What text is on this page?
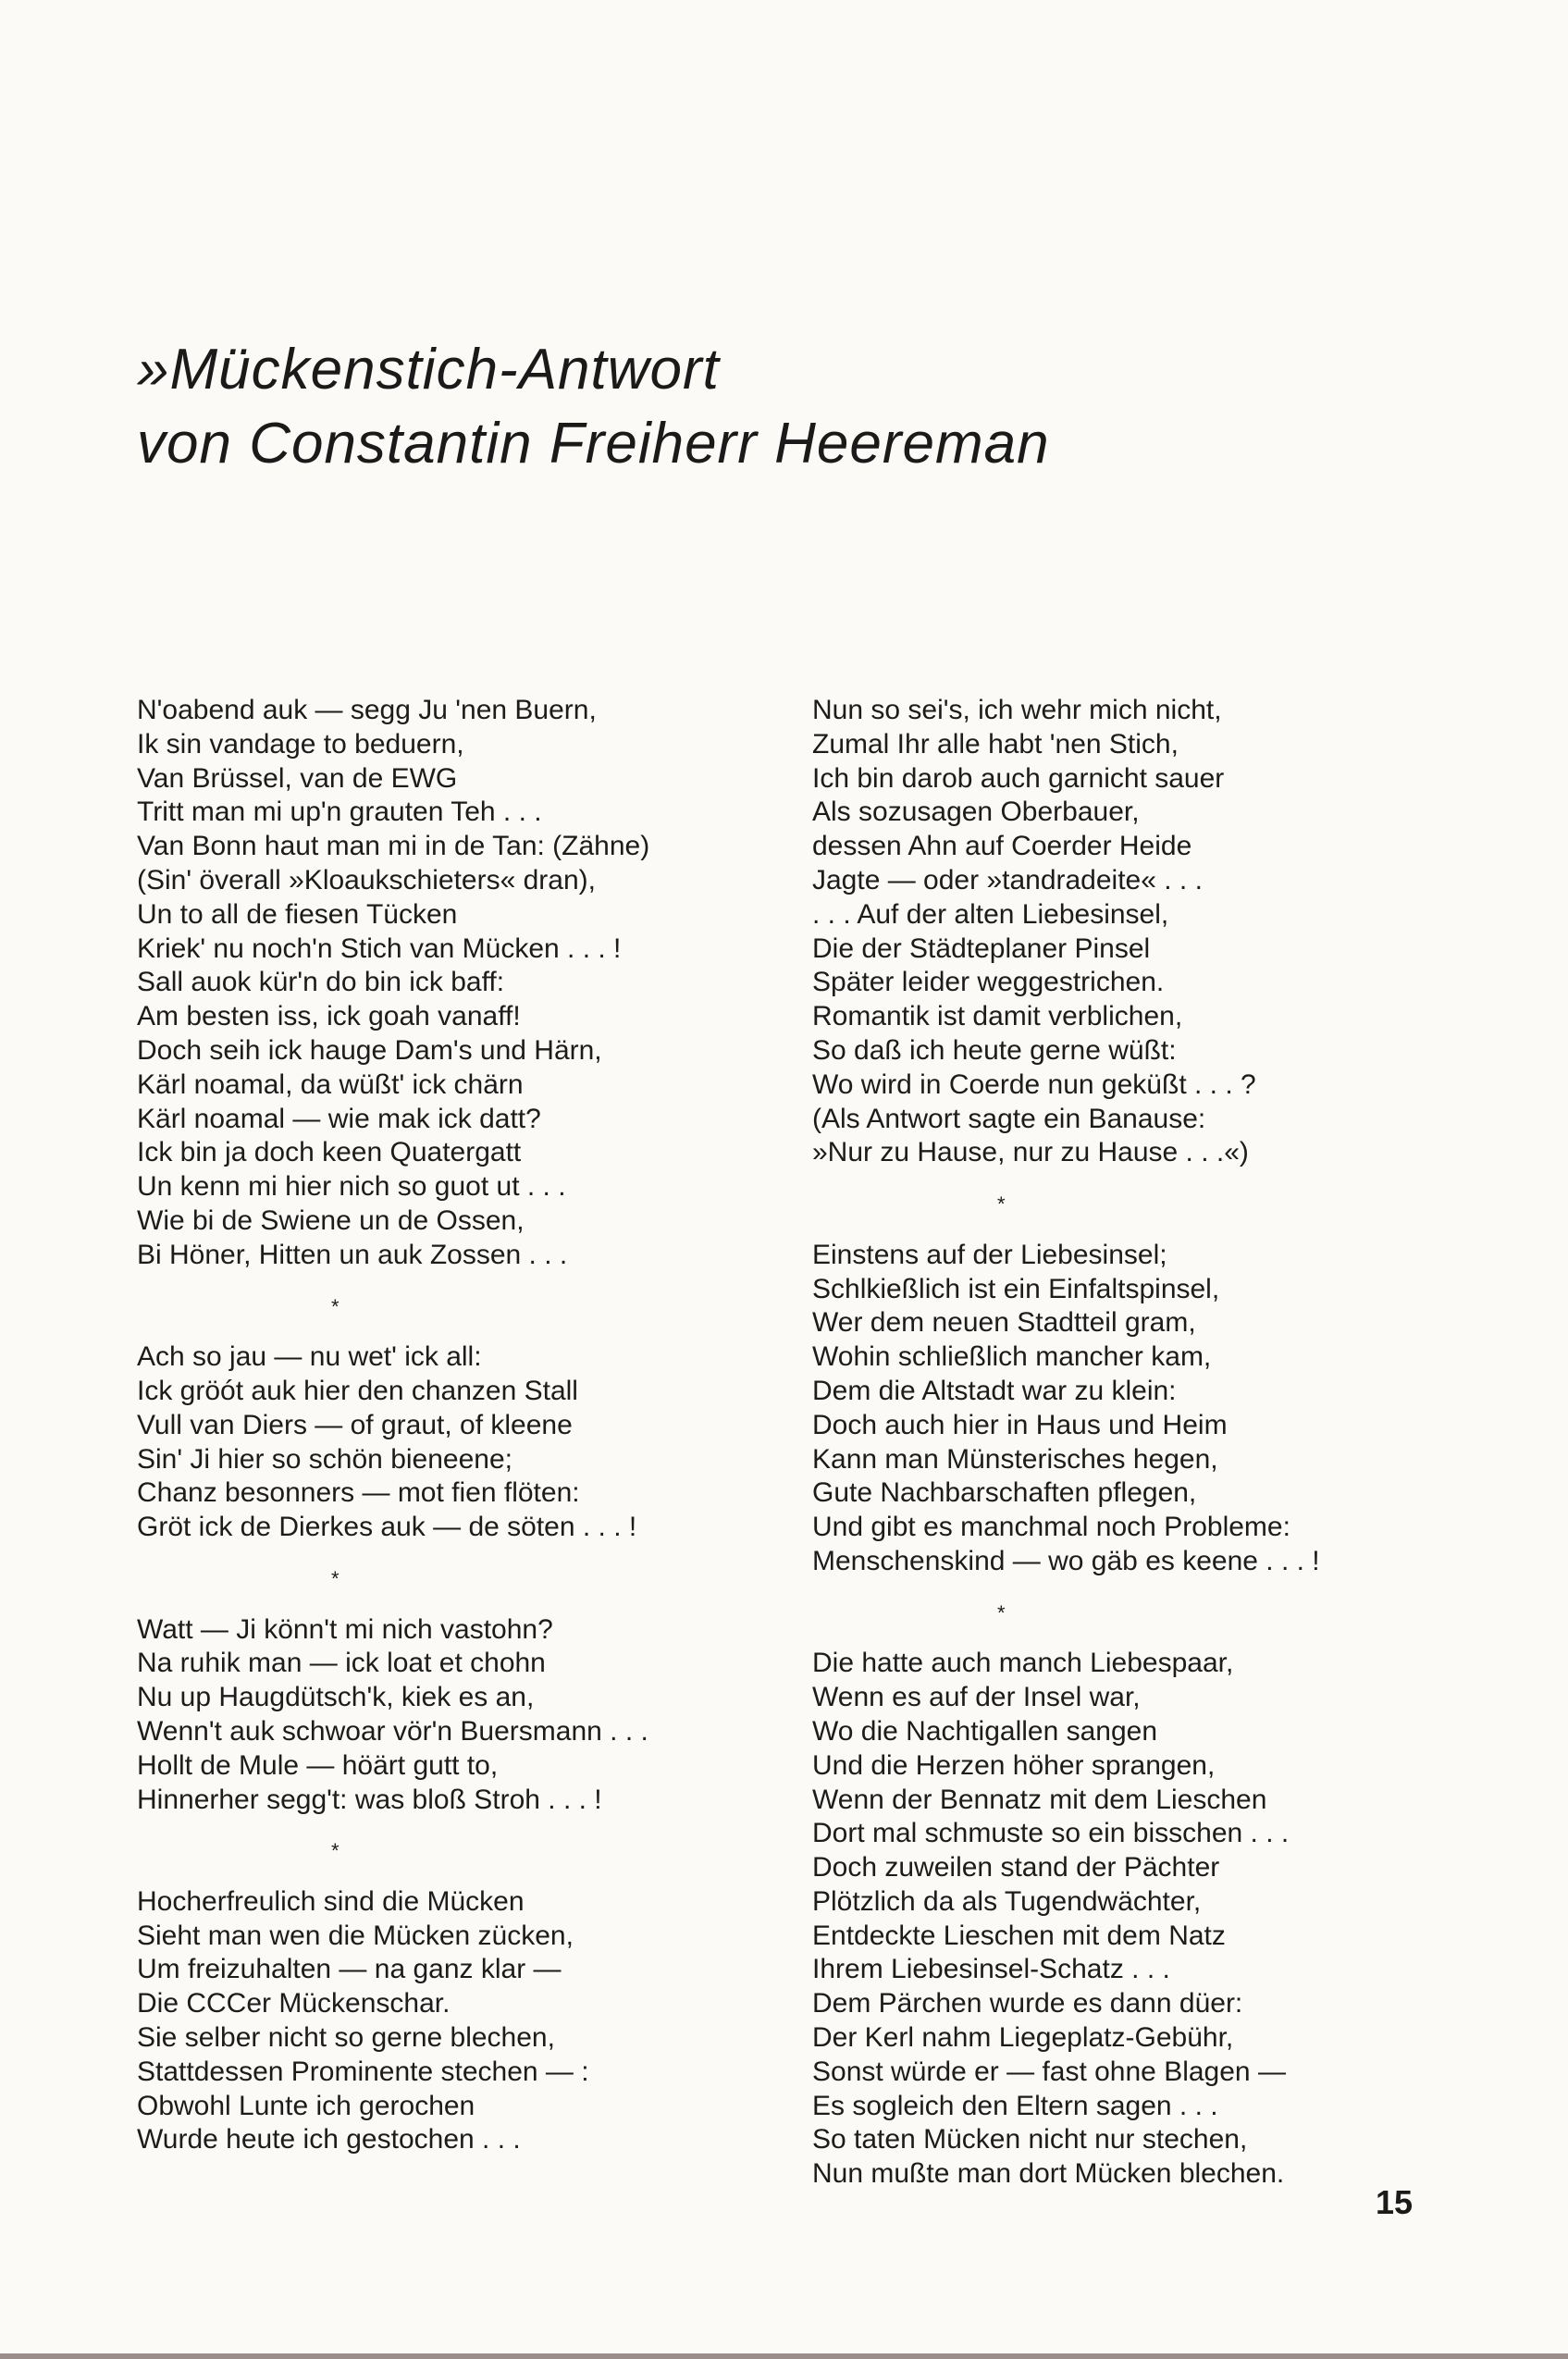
»Mückenstich-Antwort
von Constantin Freiherr Heereman
N'oabend auk — segg Ju 'nen Buern,
Ik sin vandage to beduern,
Van Brüssel, van de EWG
Tritt man mi up'n grauten Teh . . .
Van Bonn haut man mi in de Tan: (Zähne)
(Sin' överall »Kloaukschieters« dran),
Un to all de fiesen Tücken
Kriek' nu noch'n Stich van Mücken . . . !
Sall auok kür'n do bin ick baff:
Am besten iss, ick goah vanaff!
Doch seih ick hauge Dam's und Härn,
Kärl noamal, da wüßt' ick chärn
Kärl noamal — wie mak ick datt?
Ick bin ja doch keen Quatergatt
Un kenn mi hier nich so guot ut . . .
Wie bi de Swiene un de Ossen,
Bi Höner, Hitten un auk Zossen . . .
*
Ach so jau — nu wet' ick all:
Ick gröót auk hier den chanzen Stall
Vull van Diers — of graut, of kleene
Sin' Ji hier so schön bieneene;
Chanz besonners — mot fien flöten:
Gröt ick de Dierkes auk — de söten . . . !
*
Watt — Ji könn't mi nich vastohn?
Na ruhik man — ick loat et chohn
Nu up Haugdütsch'k, kiek es an,
Wenn't auk schwoar vör'n Buersmann . . .
Hollt de Mule — höärt gutt to,
Hinnerher segg't: was bloß Stroh . . . !
*
Hocherfreulich sind die Mücken
Sieht man wen die Mücken zücken,
Um freizuhalten — na ganz klar —
Die CCCer Mückenschar.
Sie selber nicht so gerne blechen,
Stattdessen Prominente stechen — :
Obwohl Lunte ich gerochen
Wurde heute ich gestochen . . .
Nun so sei's, ich wehr mich nicht,
Zumal Ihr alle habt 'nen Stich,
Ich bin darob auch garnicht sauer
Als sozusagen Oberbauer,
dessen Ahn auf Coerder Heide
Jagte — oder »tandradeite« . . .
. . . Auf der alten Liebesinsel,
Die der Städteplaner Pinsel
Später leider weggestrichen.
Romantik ist damit verblichen,
So daß ich heute gerne wüßt:
Wo wird in Coerde nun geküßt . . . ?
(Als Antwort sagte ein Banause:
»Nur zu Hause, nur zu Hause . . .«)
*
Einstens auf der Liebesinsel;
Schlkießlich ist ein Einfaltspinsel,
Wer dem neuen Stadtteil gram,
Wohin schließlich mancher kam,
Dem die Altstadt war zu klein:
Doch auch hier in Haus und Heim
Kann man Münsterisches hegen,
Gute Nachbarschaften pflegen,
Und gibt es manchmal noch Probleme:
Menschenskind — wo gäb es keene . . . !
*
Die hatte auch manch Liebespaar,
Wenn es auf der Insel war,
Wo die Nachtigallen sangen
Und die Herzen höher sprangen,
Wenn der Bennatz mit dem Lieschen
Dort mal schmuste so ein bisschen . . .
Doch zuweilen stand der Pächter
Plötzlich da als Tugendwächter,
Entdeckte Lieschen mit dem Natz
Ihrem Liebesinsel-Schatz . . .
Dem Pärchen wurde es dann düer:
Der Kerl nahm Liegeplatz-Gebühr,
Sonst würde er — fast ohne Blagen —
Es sogleich den Eltern sagen . . .
So taten Mücken nicht nur stechen,
Nun mußte man dort Mücken blechen.
15
